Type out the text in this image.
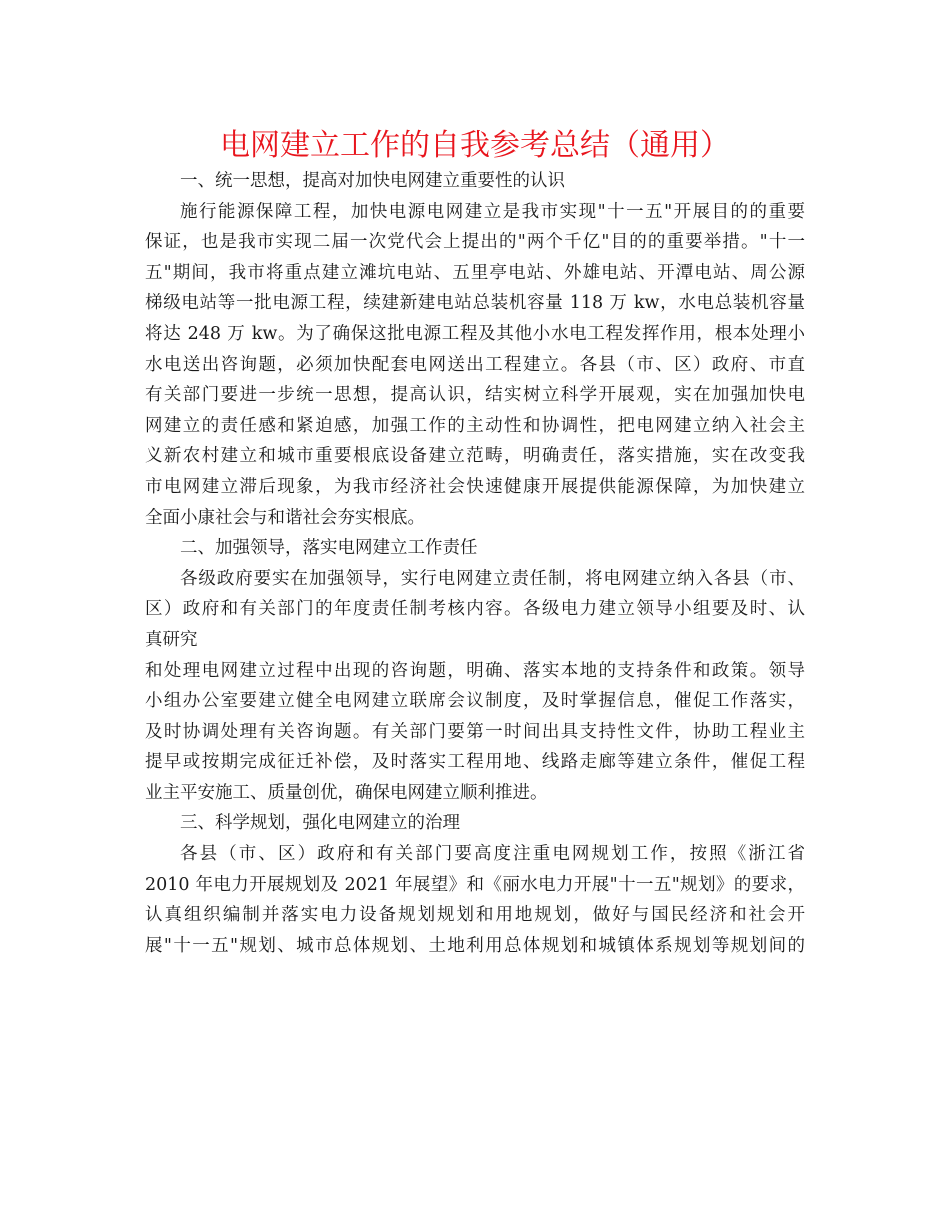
电网建立工作的自我参考总结（通用）
一、统一思想，提高对加快电网建立重要性的认识
施行能源保障工程，加快电源电网建立是我市实现"十一五"开展目的的重要
保证，也是我市实现二届一次党代会上提出的"两个千亿"目的的重要举措。"十一
五"期间，我市将重点建立滩坑电站、五里亭电站、外雄电站、开潭电站、周公源
梯级电站等一批电源工程，续建新建电站总装机容量 118 万 kw，水电总装机容量
将达 248 万 kw。为了确保这批电源工程及其他小水电工程发挥作用，根本处理小
水电送出咨询题，必须加快配套电网送出工程建立。各县（市、区）政府、市直
有关部门要进一步统一思想，提高认识，结实树立科学开展观，实在加强加快电
网建立的责任感和紧迫感，加强工作的主动性和协调性，把电网建立纳入社会主
义新农村建立和城市重要根底设备建立范畴，明确责任，落实措施，实在改变我
市电网建立滞后现象，为我市经济社会快速健康开展提供能源保障，为加快建立
全面小康社会与和谐社会夯实根底。
二、加强领导，落实电网建立工作责任
各级政府要实在加强领导，实行电网建立责任制，将电网建立纳入各县（市、
区）政府和有关部门的年度责任制考核内容。各级电力建立领导小组要及时、认
真研究
和处理电网建立过程中出现的咨询题，明确、落实本地的支持条件和政策。领导
小组办公室要建立健全电网建立联席会议制度，及时掌握信息，催促工作落实，
及时协调处理有关咨询题。有关部门要第一时间出具支持性文件，协助工程业主
提早或按期完成征迁补偿，及时落实工程用地、线路走廊等建立条件，催促工程
业主平安施工、质量创优，确保电网建立顺利推进。
三、科学规划，强化电网建立的治理
各县（市、区）政府和有关部门要高度注重电网规划工作，按照《浙江省
2010 年电力开展规划及 2021 年展望》和《丽水电力开展"十一五"规划》的要求，
认真组织编制并落实电力设备规划规划和用地规划，做好与国民经济和社会开
展"十一五"规划、城市总体规划、土地利用总体规划和城镇体系规划等规划间的
